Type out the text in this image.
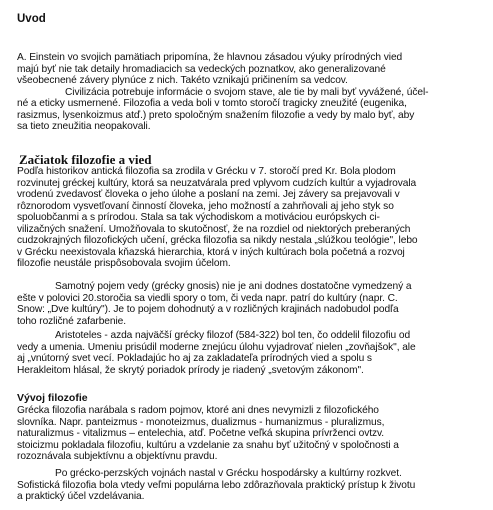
Uvod
A. Einstein vo svojich pamätiach pripomína, že hlavnou zásadou výuky prírodných vied
majú byť nie tak detaily hromadiacich sa vedeckých poznatkov, ako generalizované
všeobecnené závery plynúce z nich. Takéto vznikajú pričinením sa vedcov.
Civilizácia potrebuje informácie o svojom stave, ale tie by mali byť vyvážené, účel-
né a eticky usmernené. Filozofia a veda boli v tomto storočí tragicky zneužité (eugenika,
rasizmus, lysenkoizmus atď.) preto spoločným snažením filozofie a vedy by malo byť, aby
sa tieto zneužitia neopakovali.
Začiatok filozofie a vied
Podľa historikov antická filozofia sa zrodila v Grécku v 7. storočí pred Kr. Bola plodom
rozvinutej gréckej kultúry, ktorá sa neuzatvárala pred vplyvom cudzích kultúr a vyjadrovala
vrodenú zvedavosť človeka o jeho úlohe a poslaní na zemi. Jej závery sa prejavovali v
rôznorodom vysvetľovaní činností človeka, jeho možností a zahrňovali aj jeho styk so
spoluobčanmi a s prírodou. Stala sa tak východiskom a motiváciou európskych ci-
vilizačných snažení. Umožňovala to skutočnosť, že na rozdiel od niektorých preberaných
cudzokrajných filozofických učení, grécka filozofia sa nikdy nestala „slúžkou teológie", lebo
v Grécku neexistovala kňazská hierarchia, ktorá v iných kultúrach bola početná a rozvoj
filozofie neustále prispôsobovala svojim účelom.
Samotný pojem vedy (grécky gnosis) nie je ani dodnes dostatočne vymedzený a
ešte v polovici 20.storočia sa viedli spory o tom, či veda napr. patrí do kultúry (napr. C.
Snow: „Dve kultúry"). Je to pojem dohodnutý a v rozličných krajinách nadobudol podľa
toho rozličné zafarbenie.
Aristoteles - azda najväčší grécky filozof (584-322) bol ten, čo oddelil filozofiu od
vedy a umenia. Umeniu prisúdil moderne znejúcu úlohu vyjadrovať nielen „zovňajšok", ale
aj „vnútorný svet vecí. Pokladajúc ho aj za zakladateľa prírodných vied a spolu s
Herakleitom hlásal, že skrytý poriadok prírody je riadený „svetovým zákonom".
Vývoj filozofie
Grécka filozofia narábala s radom pojmov, ktoré ani dnes nevymizli z filozofického
slovníka. Napr. panteizmus - monoteizmus, dualizmus - humanizmus - pluralizmus,
naturalizmus - vitalizmus – entelechia, atď. Početne veľká skupina prívrženci ovtzv.
stoicizmu pokladala filozofiu, kultúru a vzdelanie za snahu byť užitočný v spoločnosti a
rozoznávala subjektívnu a objektívnu pravdu.
Po grécko-perzských vojnách nastal v Grécku hospodársky a kultúrny rozkvet.
Sofistická filozofia bola vtedy veľmi populárna lebo zdôrazňovala praktický prístup k životu
a praktický účel vzdelávania.
